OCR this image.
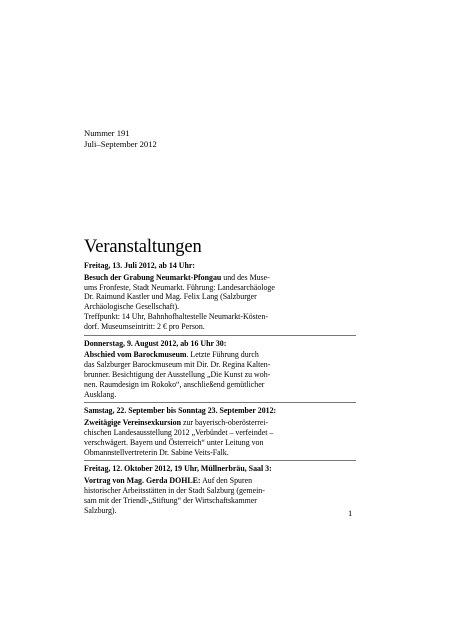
Nummer 191
Juli–September 2012
Veranstaltungen
Freitag, 13. Juli 2012, ab 14 Uhr:
Besuch der Grabung Neumarkt-Pfongau und des Muse-
ums Fronfeste, Stadt Neumarkt. Führung: Landesarchäologe
Dr. Raimund Kastler und Mag. Felix Lang (Salzburger
Archäologische Gesellschaft).
Treffpunkt: 14 Uhr, Bahnhofhaltestelle Neumarkt-Kösten-
dorf. Museumseintritt: 2 € pro Person.
Donnerstag, 9. August 2012, ab 16 Uhr 30:
Abschied vom Barockmuseum. Letzte Führung durch
das Salzburger Barockmuseum mit Dir. Dr. Regina Kalten-
brunner. Besichtigung der Ausstellung „Die Kunst zu woh-
nen. Raumdesign im Rokoko“, anschließend gemütlicher
Ausklang.
Samstag, 22. September bis Sonntag 23. September 2012:
Zweitägige Vereinsexkursion zur bayerisch-oberösterrei-
chischen Landesausstellung 2012 „Verbündet – verfeindet –
verschwägert. Bayern und Österreich“ unter Leitung von
Obmannstellvertreterin Dr. Sabine Veits-Falk.
Freitag, 12. Oktober 2012, 19 Uhr, Müllnerbräu, Saal 3:
Vortrag von Mag. Gerda DOHLE: Auf den Spuren
historischer Arbeitsstätten in der Stadt Salzburg (gemein-
sam mit der Triendl-„Stiftung“ der Wirtschaftskammer
Salzburg).	1
